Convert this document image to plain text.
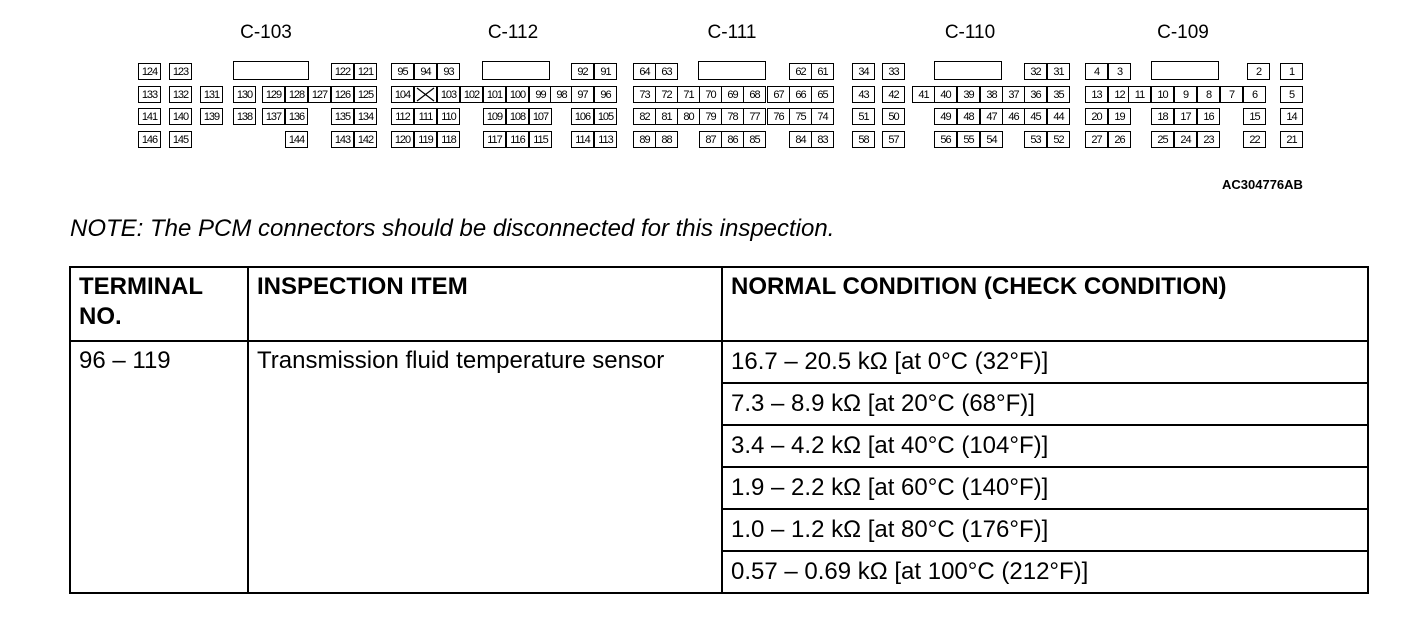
C-103	C-112	C-111	C-110	C-109
124	123	122 121
133	132	131	130	129 128 127 126 125
141	140	139	138	137 136	135 134
146	145	144	143 142
95	94	93	92	91
104	103 102 101 100 99 98 97	96
112 111 110	109 108 107	106 105
120 119 118	117 116 115	114 113
64	63	62	61
73	72	71	70	69	68	67	66	65
82	81	80	79	78	77	76	75	74
89	88	87	86	85	84	83
34	33	32	31
43	42	41	40	39	38	37	36	35
51	50	49	48	47	46	45	44
58	57	56	55	54	53	52
4	3	2	1
13	12 11	10	9	8	7	6	5
20	19	18	17	16	15	14
27	26	25	24	23	22	21
AC304776AB
NOTE: The PCM connectors should be disconnected for this inspection.
TERMINAL NO.	INSPECTION ITEM	NORMAL CONDITION (CHECK CONDITION)
96 – 119	Transmission fluid temperature sensor	16.7 – 20.5 kΩ [at 0°C (32°F)]
		7.3 – 8.9 kΩ [at 20°C (68°F)]
		3.4 – 4.2 kΩ [at 40°C (104°F)]
		1.9 – 2.2 kΩ [at 60°C (140°F)]
		1.0 – 1.2 kΩ [at 80°C (176°F)]
		0.57 – 0.69 kΩ [at 100°C (212°F)]
